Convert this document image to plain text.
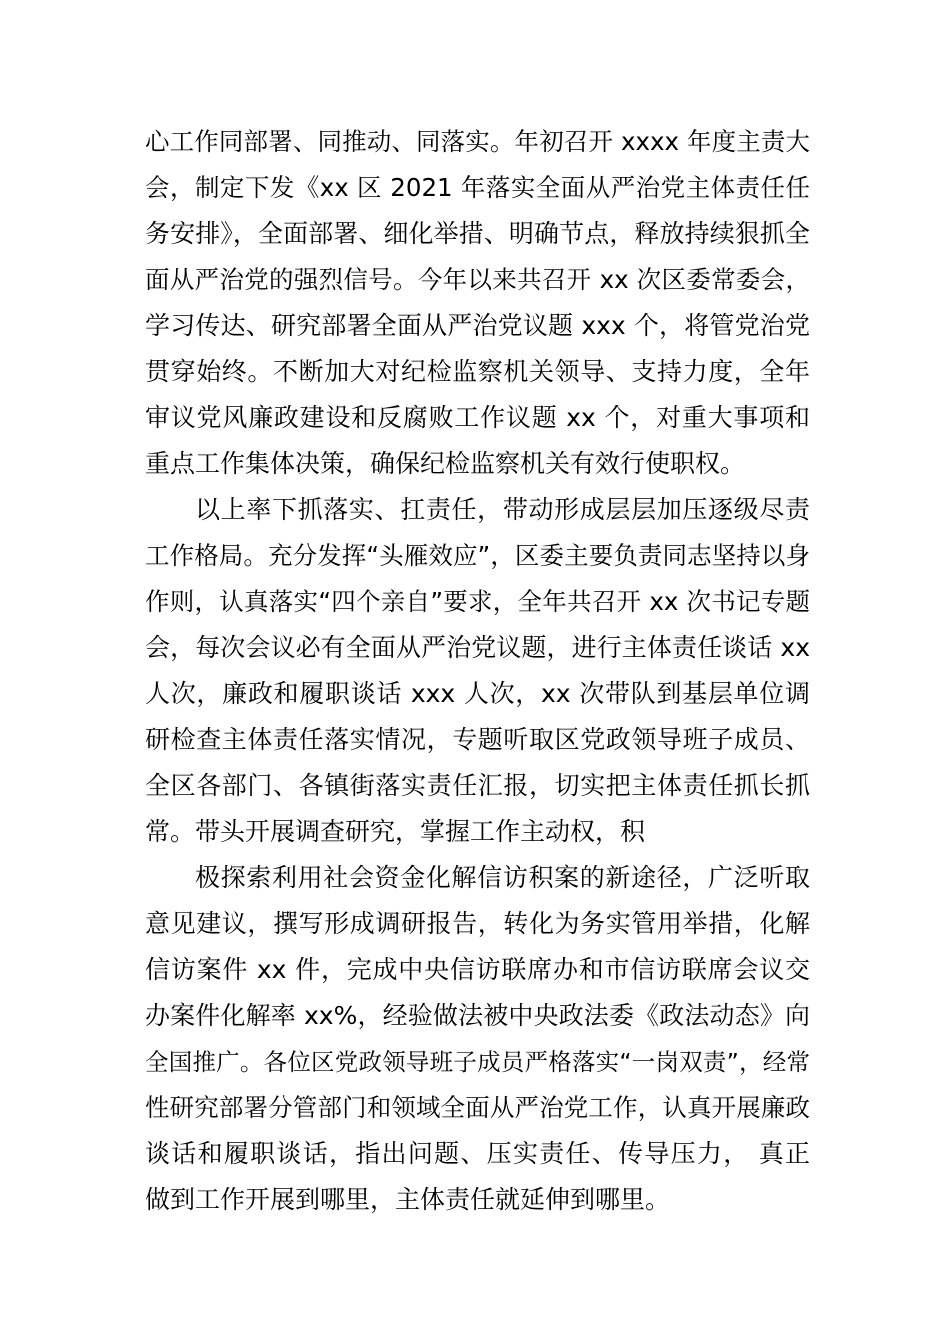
心工作同部署、同推动、同落实。年初召开 xxxx 年度主责大
会，制定下发《xx 区 2021 年落实全面从严治党主体责任任
务安排》，全面部署、细化举措、明确节点，释放持续狠抓全
面从严治党的强烈信号。今年以来共召开 xx 次区委常委会，
学习传达、研究部署全面从严治党议题 xxx 个，将管党治党
贯穿始终。不断加大对纪检监察机关领导、支持力度，全年
审议党风廉政建设和反腐败工作议题 xx 个，对重大事项和
重点工作集体决策，确保纪检监察机关有效行使职权。
以上率下抓落实、扛责任，带动形成层层加压逐级尽责
工作格局。充分发挥“头雁效应”，区委主要负责同志坚持以身
作则，认真落实“四个亲自”要求，全年共召开 xx 次书记专题
会，每次会议必有全面从严治党议题，进行主体责任谈话 xx
人次，廉政和履职谈话 xxx 人次，xx 次带队到基层单位调
研检查主体责任落实情况，专题听取区党政领导班子成员、
全区各部门、各镇街落实责任汇报，切实把主体责任抓长抓
常。带头开展调查研究，掌握工作主动权，积
极探索利用社会资金化解信访积案的新途径，广泛听取
意见建议，撰写形成调研报告，转化为务实管用举措，化解
信访案件 xx 件，完成中央信访联席办和市信访联席会议交
办案件化解率 xx%，经验做法被中央政法委《政法动态》向
全国推广。各位区党政领导班子成员严格落实“一岗双责”，经常
性研究部署分管部门和领域全面从严治党工作，认真开展廉政
谈话和履职谈话，指出问题、压实责任、传导压力， 真正
做到工作开展到哪里，主体责任就延伸到哪里。
